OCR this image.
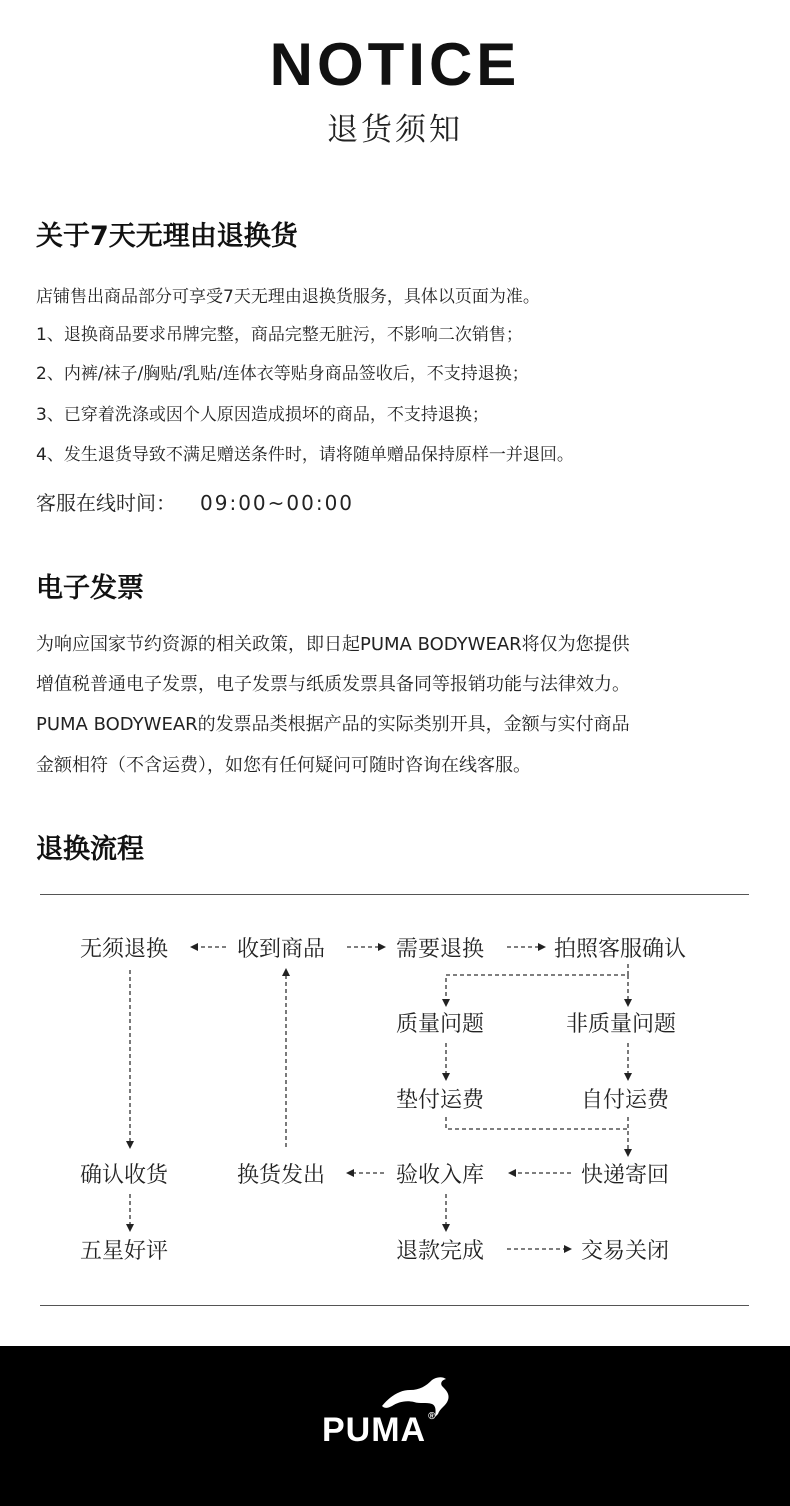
NOTICE
退货须知
关于7天无理由退换货
店铺售出商品部分可享受7天无理由退换货服务，具体以页面为准。
1、退换商品要求吊牌完整，商品完整无脏污，不影响二次销售；
2、内裤/袜子/胸贴/乳贴/连体衣等贴身商品签收后，不支持退换；
3、已穿着洗涤或因个人原因造成损坏的商品，不支持退换；
4、发生退货导致不满足赠送条件时，请将随单赠品保持原样一并退回。
客服在线时间： 09:00~00:00
电子发票
为响应国家节约资源的相关政策，即日起PUMA BODYWEAR将仅为您提供
增值税普通电子发票，电子发票与纸质发票具备同等报销功能与法律效力。
PUMA BODYWEAR的发票品类根据产品的实际类别开具，金额与实付商品
金额相符（不含运费），如您有任何疑问可随时咨询在线客服。
退换流程
无须退换	收到商品	需要退换	拍照客服确认
质量问题	非质量问题
垫付运费	自付运费
确认收货	换货发出	验收入库	快递寄回
五星好评	退款完成	交易关闭
PUMA ®
